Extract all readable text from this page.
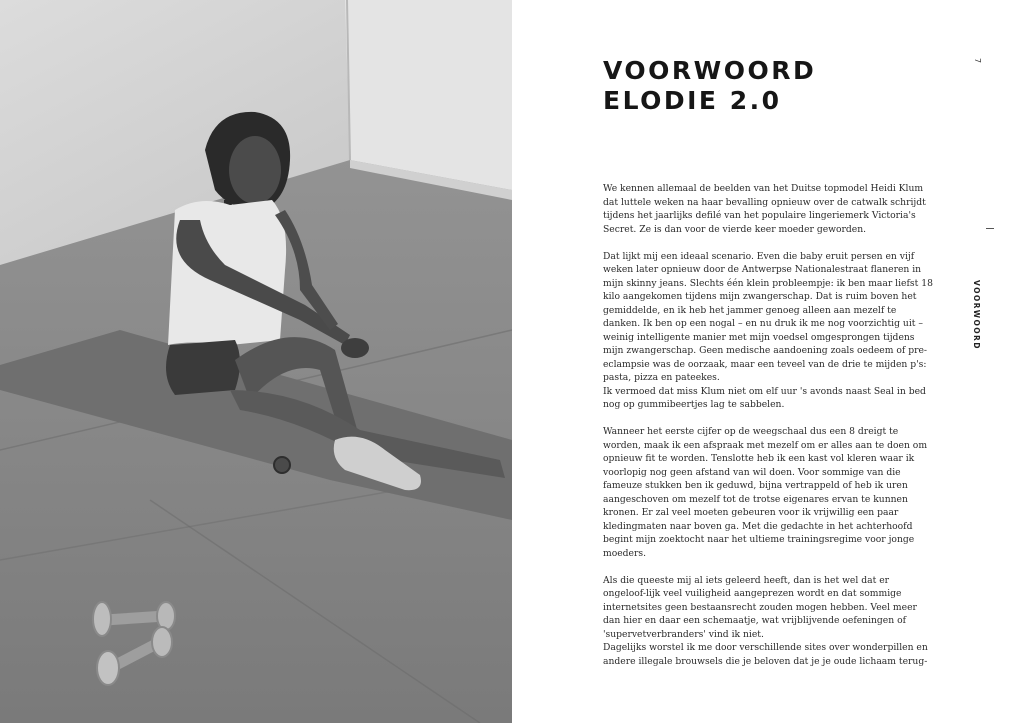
VOORWOORD
ELODIE 2.0
7
VOORWOORD

We kennen allemaal de beelden van het Duitse topmodel Heidi Klum dat luttele weken na haar bevalling opnieuw over de catwalk schrijdt tijdens het jaarlijks defilé van het populaire lingeriemerk Victoria's Secret. Ze is dan voor de vierde keer moeder geworden.

Dat lijkt mij een ideaal scenario. Even die baby eruit persen en vijf weken later opnieuw door de Antwerpse Nationalestraat flaneren in mijn skinny jeans. Slechts één klein probleempje: ik ben maar liefst 18 kilo aangekomen tijdens mijn zwangerschap. Dat is ruim boven het gemiddelde, en ik heb het jammer genoeg alleen aan mezelf te danken. Ik ben op een nogal – en nu druk ik me nog voorzichtig uit – weinig intelligente manier met mijn voedsel omgesprongen tijdens mijn zwangerschap. Geen medische aandoening zoals oedeem of pre-eclampsie was de oorzaak, maar een teveel van de drie te mijden p's: pasta, pizza en pateekes.

Ik vermoed dat miss Klum niet om elf uur 's avonds naast Seal in bed nog op gummibeertjes lag te sabbelen.

Wanneer het eerste cijfer op de weegschaal dus een 8 dreigt te worden, maak ik een afspraak met mezelf om er alles aan te doen om opnieuw fit te worden. Tenslotte heb ik een kast vol kleren waar ik voorlopig nog geen afstand van wil doen. Voor sommige van die fameuze stukken ben ik geduwd, bijna vertrappeld of heb ik uren aangeschoven om mezelf tot de trotse eigenares ervan te kunnen kronen. Er zal veel moeten gebeuren voor ik vrijwillig een paar kledingmaten naar boven ga. Met die gedachte in het achterhoofd begint mijn zoektocht naar het ultieme trainingsregime voor jonge moeders.

Als die queeste mij al iets geleerd heeft, dan is het wel dat er ongeloof-lijk veel vuiligheid aangeprezen wordt en dat sommige internetsites geen bestaansrecht zouden mogen hebben. Veel meer dan hier en daar een schemaatje, wat vrijblijvende oefeningen of 'supervetverbranders' vind ik niet.

Dagelijks worstel ik me door verschillende sites over wonderpillen en andere illegale brouwsels die je beloven dat je je oude lichaam terug-
